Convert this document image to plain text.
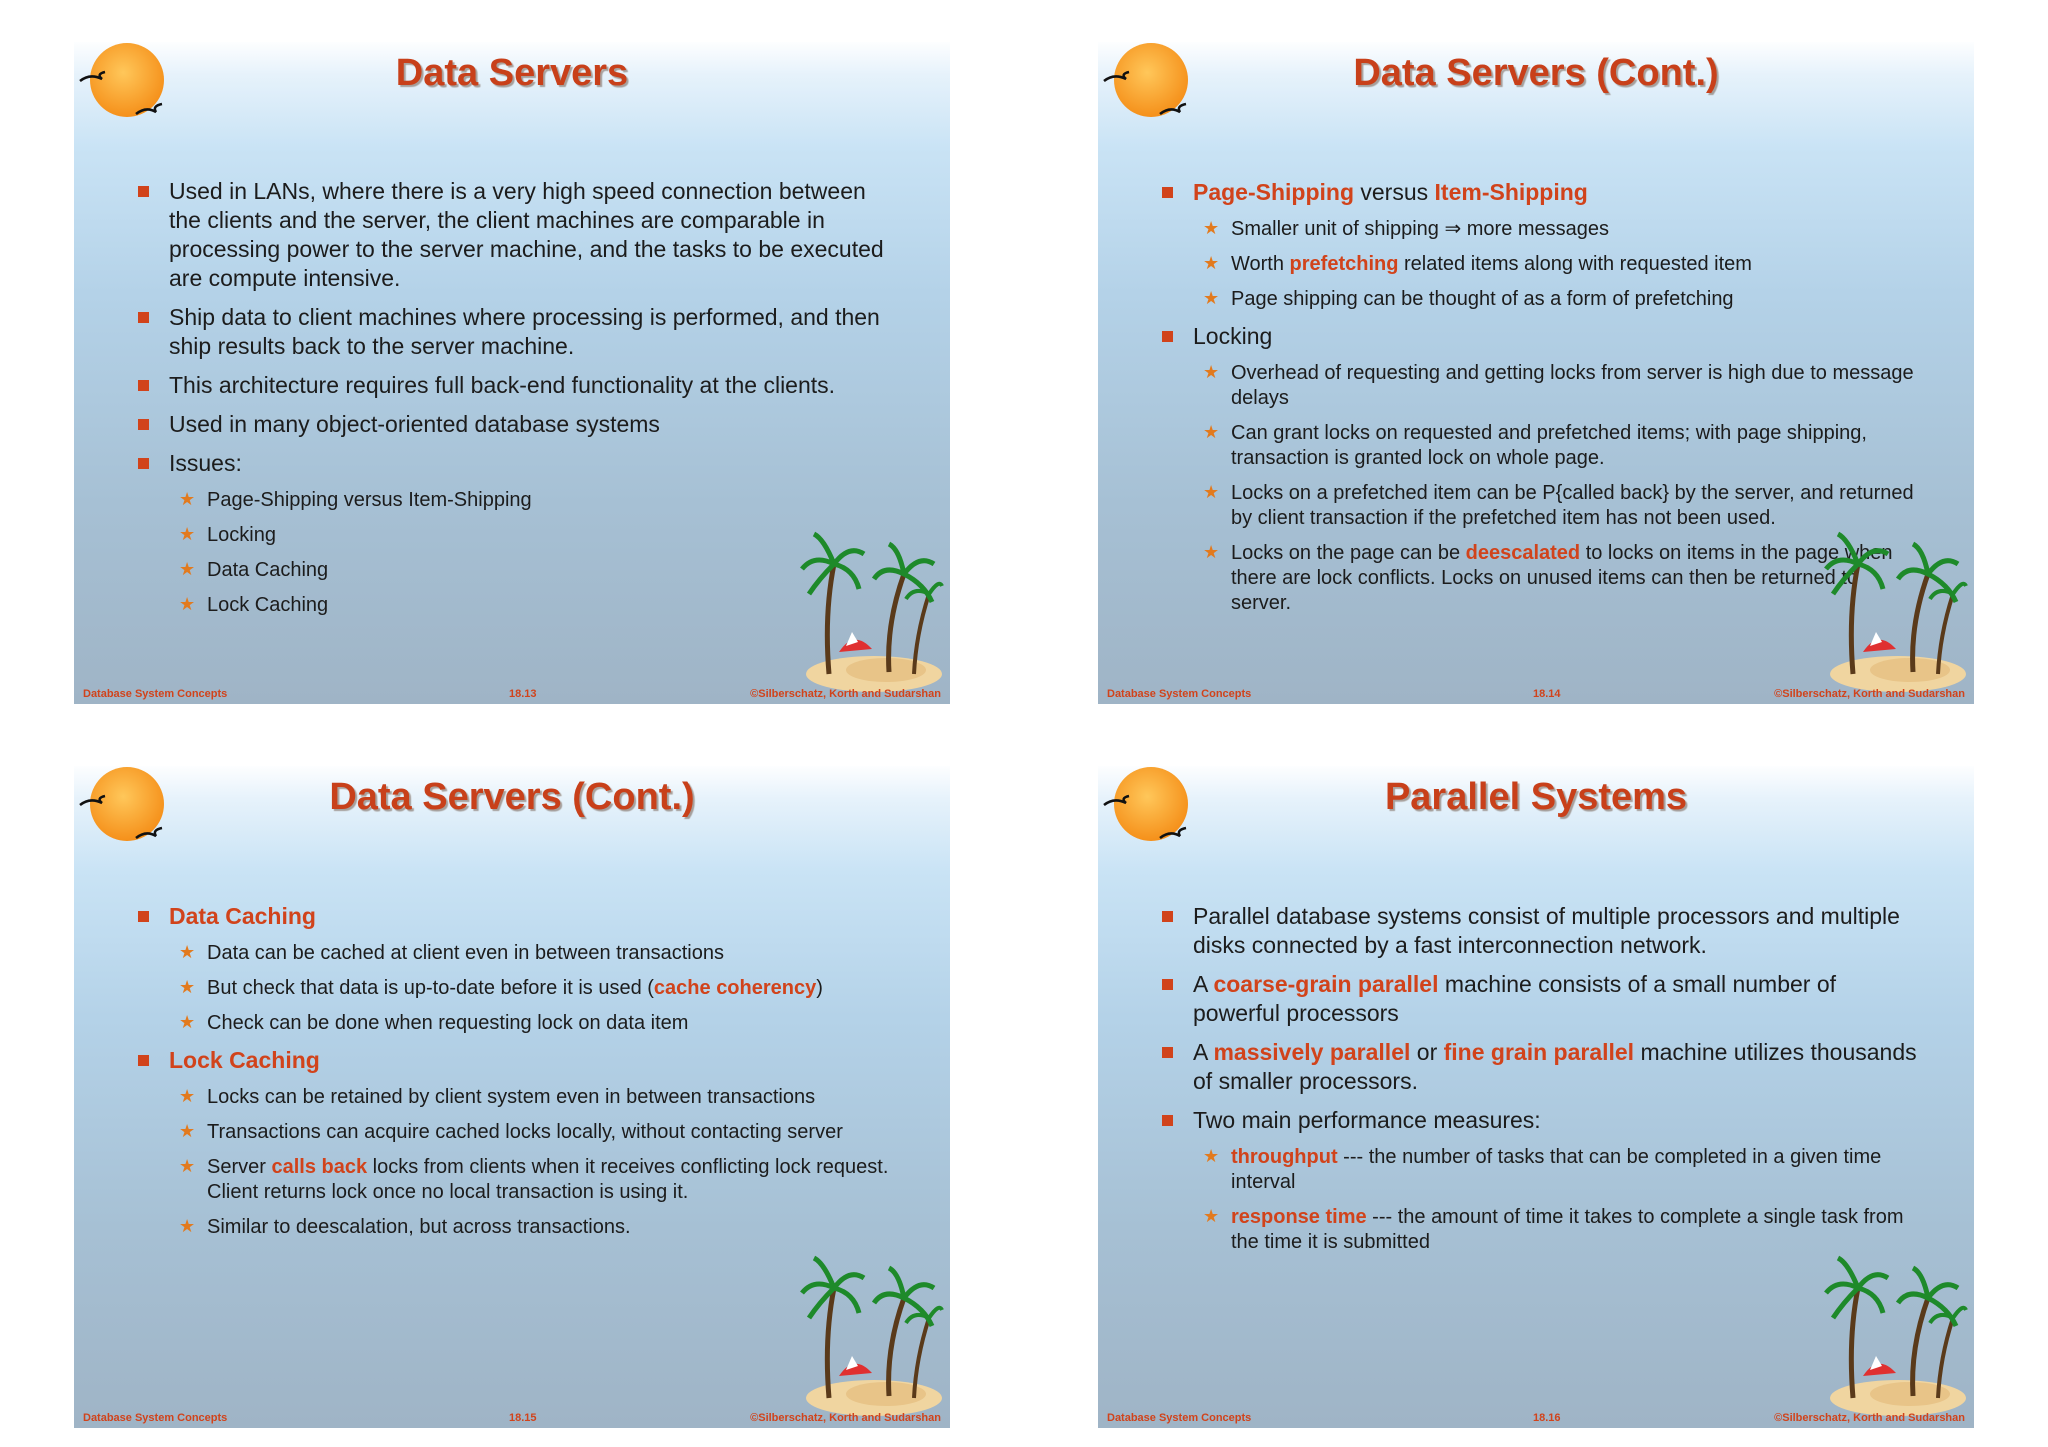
Data Servers
Used in LANs, where there is a very high speed connection between the clients and the server, the client machines are comparable in processing power to the server machine, and the tasks to be executed are compute intensive.
Ship data to client machines where processing is performed, and then ship results back to the server machine.
This architecture requires full back-end functionality at the clients.
Used in many object-oriented database systems
Issues:
★ Page-Shipping versus Item-Shipping
★ Locking
★ Data Caching
★ Lock Caching
Database System Concepts	18.13	©Silberschatz, Korth and Sudarshan
Data Servers (Cont.)
Page-Shipping versus Item-Shipping
★ Smaller unit of shipping ⇒ more messages
★ Worth prefetching related items along with requested item
★ Page shipping can be thought of as a form of prefetching
Locking
★ Overhead of requesting and getting locks from server is high due to message delays
★ Can grant locks on requested and prefetched items; with page shipping, transaction is granted lock on whole page.
★ Locks on a prefetched item can be P{called back} by the server, and returned by client transaction if the prefetched item has not been used.
★ Locks on the page can be deescalated to locks on items in the page when there are lock conflicts. Locks on unused items can then be returned to server.
Database System Concepts	18.14	©Silberschatz, Korth and Sudarshan
Data Servers (Cont.)
Data Caching
★ Data can be cached at client even in between transactions
★ But check that data is up-to-date before it is used (cache coherency)
★ Check can be done when requesting lock on data item
Lock Caching
★ Locks can be retained by client system even in between transactions
★ Transactions can acquire cached locks locally, without contacting server
★ Server calls back locks from clients when it receives conflicting lock request. Client returns lock once no local transaction is using it.
★ Similar to deescalation, but across transactions.
Database System Concepts	18.15	©Silberschatz, Korth and Sudarshan
Parallel Systems
Parallel database systems consist of multiple processors and multiple disks connected by a fast interconnection network.
A coarse-grain parallel machine consists of a small number of powerful processors
A massively parallel or fine grain parallel machine utilizes thousands of smaller processors.
Two main performance measures:
★ throughput --- the number of tasks that can be completed in a given time interval
★ response time --- the amount of time it takes to complete a single task from the time it is submitted
Database System Concepts	18.16	©Silberschatz, Korth and Sudarshan
